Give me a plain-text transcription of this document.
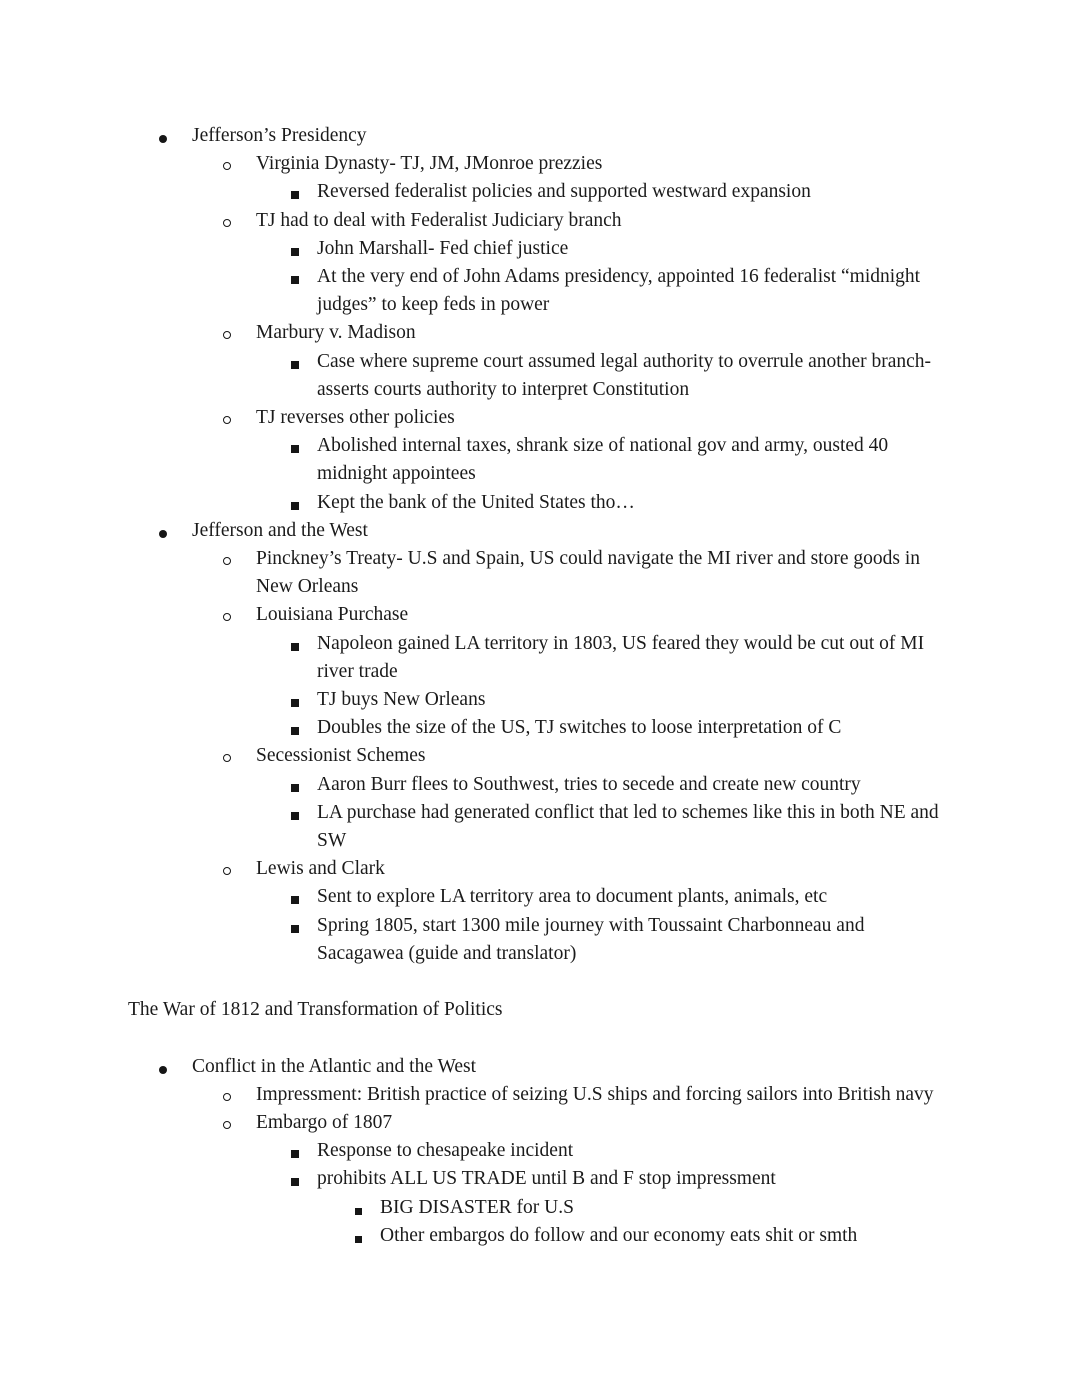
Jefferson’s Presidency
Virginia Dynasty- TJ, JM, JMonroe prezzies
Reversed federalist policies and supported westward expansion
TJ had to deal with Federalist Judiciary branch
John Marshall- Fed chief justice
At the very end of John Adams presidency, appointed 16 federalist “midnight judges” to keep feds in power
Marbury v. Madison
Case where supreme court assumed legal authority to overrule another branch- asserts courts authority to interpret Constitution
TJ reverses other policies
Abolished internal taxes, shrank size of national gov and army, ousted 40 midnight appointees
Kept the bank of the United States tho…
Jefferson and the West
Pinckney’s Treaty- U.S and Spain, US could navigate the MI river and store goods in New Orleans
Louisiana Purchase
Napoleon gained LA territory in 1803, US feared they would be cut out of MI river trade
TJ buys New Orleans
Doubles the size of the US, TJ switches to loose interpretation of C
Secessionist Schemes
Aaron Burr flees to Southwest, tries to secede and create new country
LA purchase had generated conflict that led to schemes like this in both NE and SW
Lewis and Clark
Sent to explore LA territory area to document plants, animals, etc
Spring 1805, start 1300 mile journey with Toussaint Charbonneau and Sacagawea (guide and translator)
The War of 1812 and Transformation of Politics
Conflict in the Atlantic and the West
Impressment: British practice of seizing U.S ships and forcing sailors into British navy
Embargo of 1807
Response to chesapeake incident
prohibits ALL US TRADE until B and F stop impressment
BIG DISASTER for U.S
Other embargos do follow and our economy eats shit or smth
